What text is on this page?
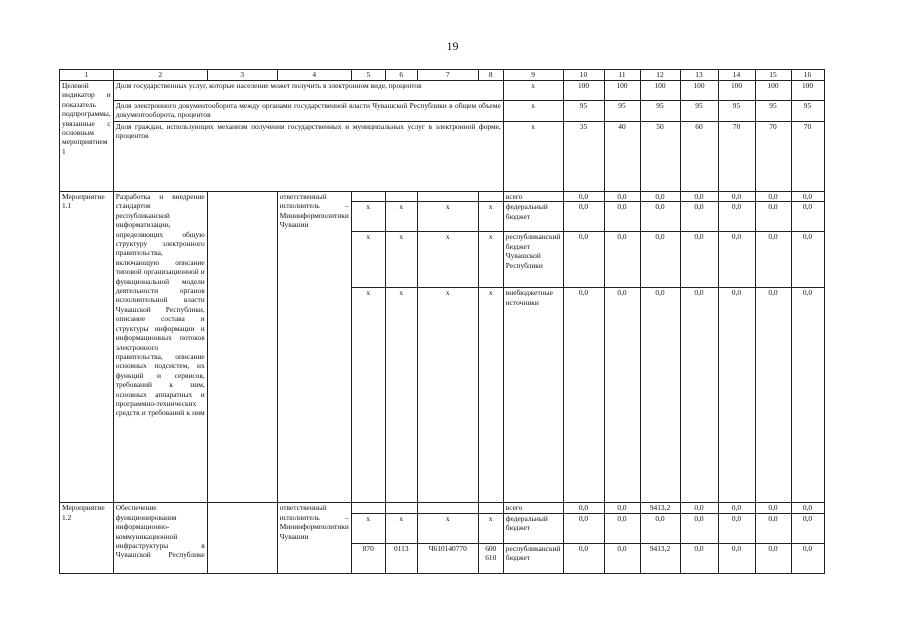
19
1	2	3	4	5	6	7	8	9	10	11	12	13	14	15	16
Целевой индикатор и показатель подпрограммы, увязанные с основным мероприятием 1	Доля государственных услуг, которые население может получить в электронном виде, процентов							x	100	100	100	100	100	100	100
	Доля электронного документооборота между органами государственной власти Чувашской Республики в общем объеме документооборота, процентов							x	95	95	95	95	95	95	95
	Доля граждан, использующих механизм получения государственных и муниципальных услуг в электронной форме, процентов							x	35	40	50	60	70	70	70
Мероприятие 1.1	Разработка и внедрение стандартов республиканской информатизации, определяющих общую структуру электронного правительства, включающую описание типовой организационной и функциональной модели деятельности органов исполнительной власти Чувашской Республики, описание состава и структуры информации и информационных потоков электронного правительства, описание основных подсистем, их функций и сервисов, требований к ним, основных аппаратных и программно-технических средств и требований к ним		ответственный исполнитель – Мининформполитики Чувашии					всего	0,0	0,0	0,0	0,0	0,0	0,0	0,0
				x	x	x	x	федеральный бюджет	0,0	0,0	0,0	0,0	0,0	0,0	0,0
				x	x	x	x	республиканский бюджет Чувашской Республики	0,0	0,0	0,0	0,0	0,0	0,0	0,0
				x	x	x	x	внебюджетные источники	0,0	0,0	0,0	0,0	0,0	0,0	0,0
Мероприятие 1.2	Обеспечение функционирования информационно-коммуникационной инфраструктуры в Чувашской Республике		ответственный исполнитель – Мининформполитики Чувашии					всего	0,0	0,0	9413,2	0,0	0,0	0,0	0,0
				x	x	x	x	федеральный бюджет	0,0	0,0	0,0	0,0	0,0	0,0	0,0
				870	0113	Ч610140770	600 610	республиканский бюджет	0,0	0,0	9413,2	0,0	0,0	0,0	0,0
